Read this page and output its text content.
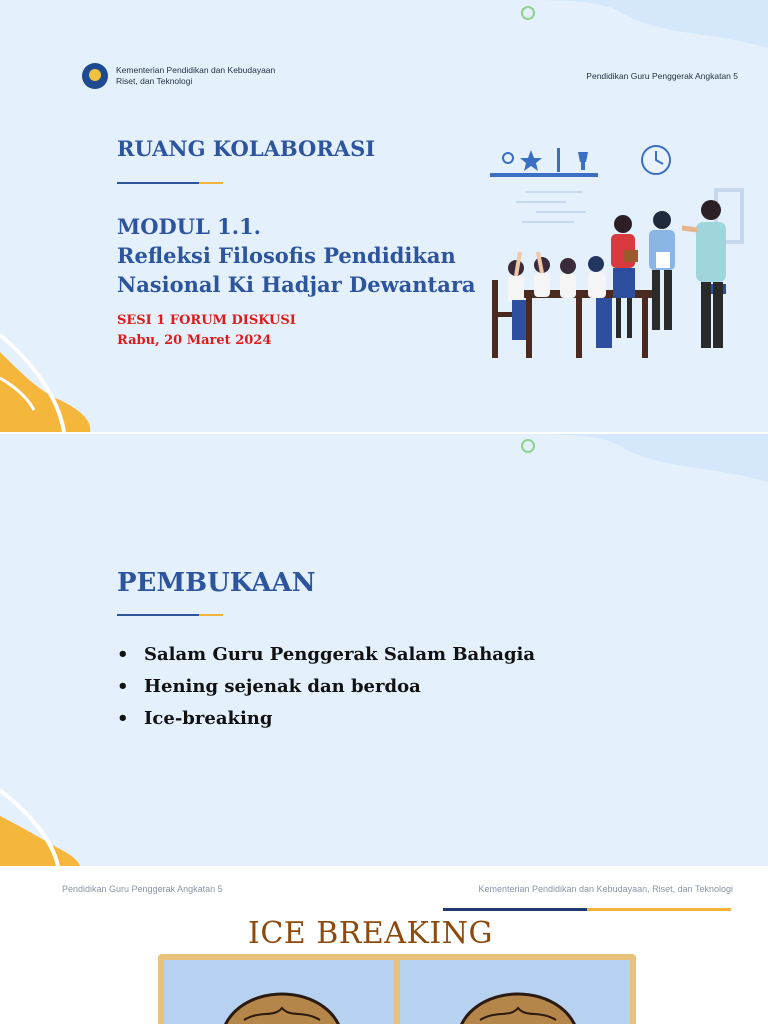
Kementerian Pendidikan dan Kebudayaan
Riset, dan Teknologi	Pendidikan Guru Penggerak Angkatan 5
RUANG KOLABORASI
MODUL 1.1.
Refleksi Filosofis Pendidikan
Nasional Ki Hadjar Dewantara
SESI 1 FORUM DISKUSI
Rabu, 20 Maret 2024
PEMBUKAAN
• Salam Guru Penggerak Salam Bahagia
• Hening sejenak dan berdoa
• Ice-breaking
Pendidikan Guru Penggerak Angkatan 5	Kementerian Pendidikan dan Kebudayaan, Riset, dan Teknologi
ICE BREAKING
